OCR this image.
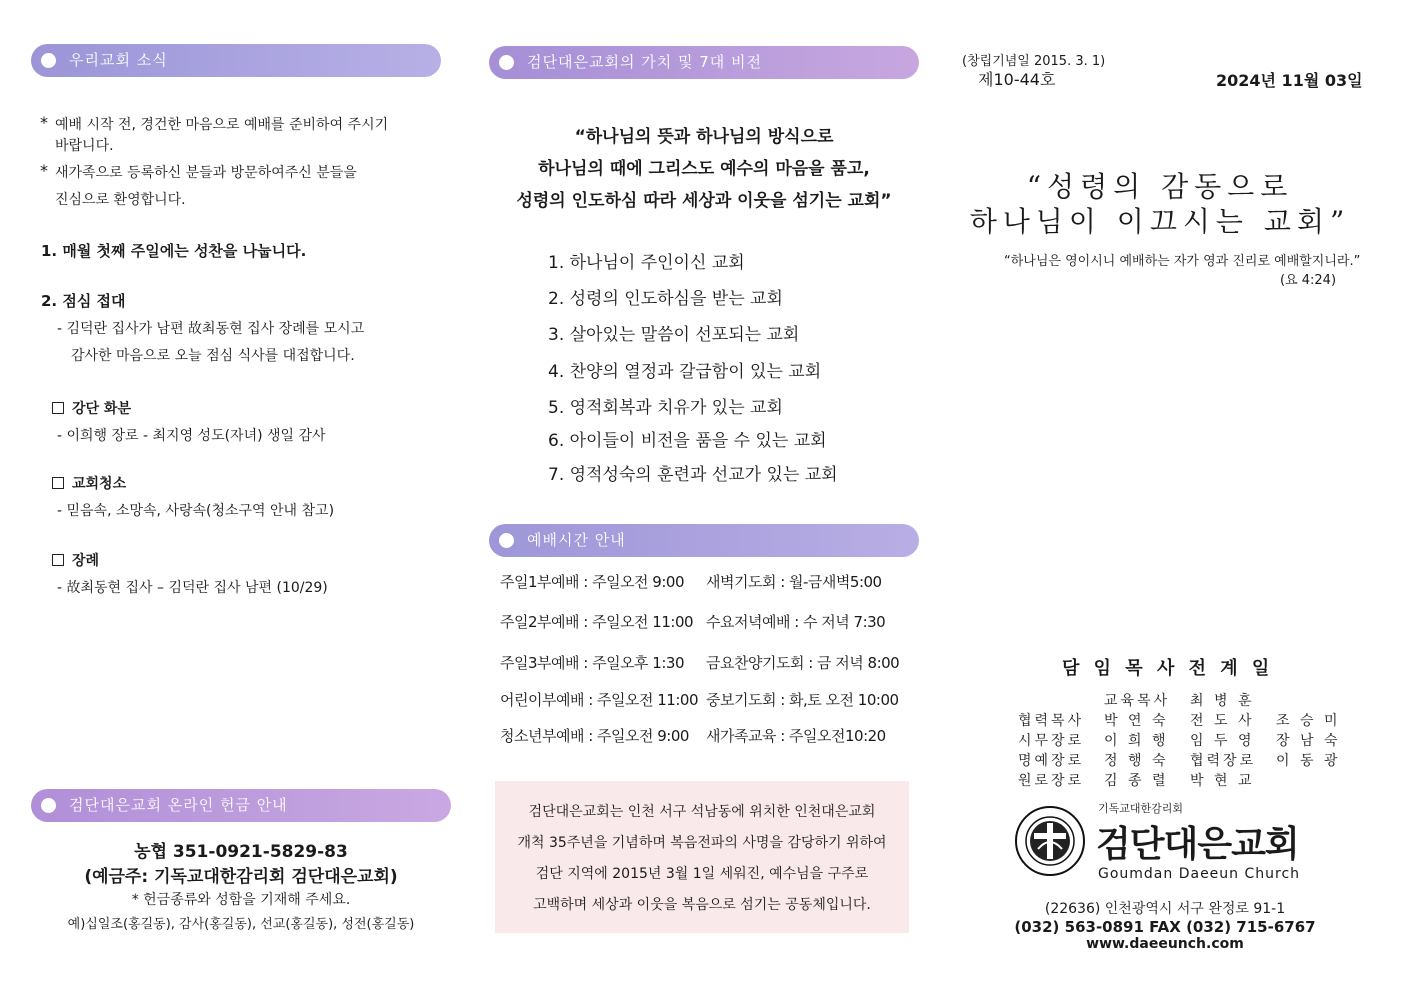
우리교회 소식
* 예배 시작 전, 경건한 마음으로 예배를 준비하여 주시기
바랍니다.
* 새가족으로 등록하신 분들과 방문하여주신 분들을
진심으로 환영합니다.
1. 매월 첫째 주일에는 성찬을 나눕니다.
2. 점심 접대
- 김덕란 집사가 남편 故최동현 집사 장례를 모시고
감사한 마음으로 오늘 점심 식사를 대접합니다.
강단 화분
- 이희행 장로 - 최지영 성도(자녀) 생일 감사
교회청소
- 믿음속, 소망속, 사랑속(청소구역 안내 참고)
장례
- 故최동현 집사 – 김덕란 집사 남편 (10/29)
검단대은교회 온라인 헌금 안내
농협 351-0921-5829-83
(예금주: 기독교대한감리회 검단대은교회)
* 헌금종류와 성함을 기재해 주세요.
예)십일조(홍길동), 감사(홍길동), 선교(홍길동), 성전(홍길동)
검단대은교회의 가치 및 7대 비전
“하나님의 뜻과 하나님의 방식으로
하나님의 때에 그리스도 예수의 마음을 품고,
성령의 인도하심 따라 세상과 이웃을 섬기는 교회”
1. 하나님이 주인이신 교회
2. 성령의 인도하심을 받는 교회
3. 살아있는 말씀이 선포되는 교회
4. 찬양의 열정과 갈급함이 있는 교회
5. 영적회복과 치유가 있는 교회
6. 아이들이 비전을 품을 수 있는 교회
7. 영적성숙의 훈련과 선교가 있는 교회
예배시간 안내
주일1부예배 : 주일오전 9:00 새벽기도회 : 월-금새벽5:00
주일2부예배 : 주일오전 11:00 수요저녁예배 : 수 저녁 7:30
주일3부예배 : 주일오후 1:30 금요찬양기도회 : 금 저녁 8:00
어린이부예배 : 주일오전 11:00 중보기도회 : 화,토 오전 10:00
청소년부예배 : 주일오전 9:00 새가족교육 : 주일오전10:20
검단대은교회는 인천 서구 석남동에 위치한 인천대은교회
개척 35주년을 기념하며 복음전파의 사명을 감당하기 위하여
검단 지역에 2015년 3월 1일 세워진, 예수님을 구주로
고백하며 세상과 이웃을 복음으로 섬기는 공동체입니다.
(창립기념일 2015. 3. 1)
제10-44호	2024년 11월 03일
“성령의 감동으로
하나님이 이끄시는 교회”
“하나님은 영이시니 예배하는 자가 영과 진리로 예배할지니라.”
(요 4:24)
담 임 목 사 전 계 일
	교육목사	최 병 훈	
협력목사	박 연 숙	전 도 사	조 승 미
시무장로	이 희 행	임 두 영	장 남 숙
명예장로	정 행 숙	협력장로	이 동 광
원로장로	김 종 렬	박 현 교	
기독교대한감리회
검단대은교회
Goumdan Daeeun Church
(22636) 인천광역시 서구 완정로 91-1
(032) 563-0891 FAX (032) 715-6767
www.daeeunch.com
